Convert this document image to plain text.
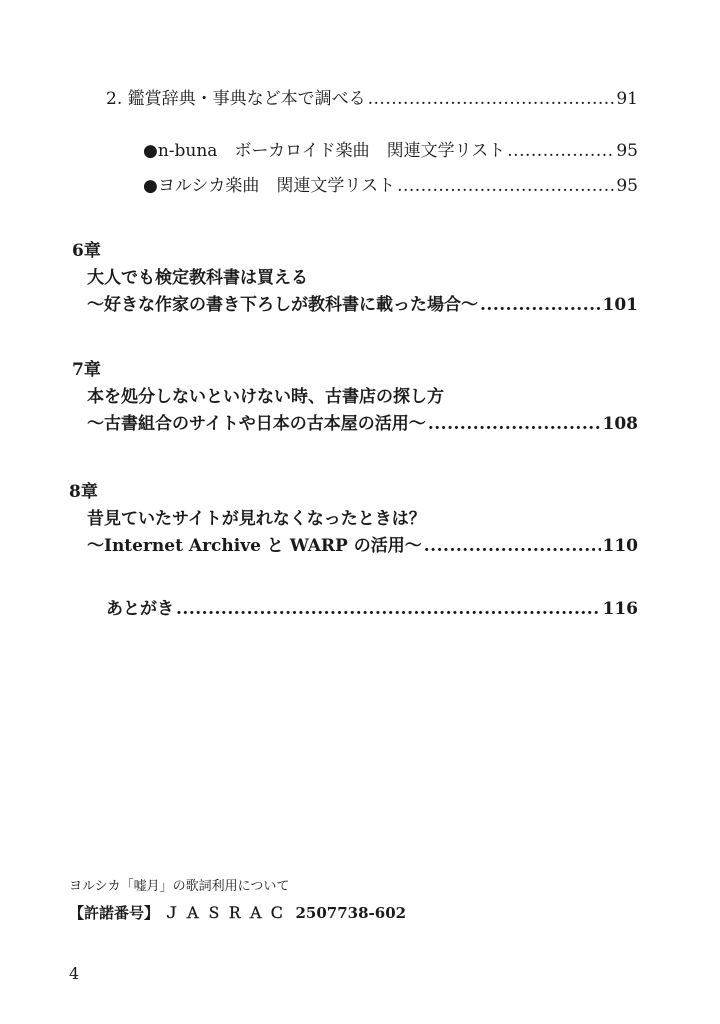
2. 鑑賞辞典・事典など本で調べる .....	91
●n-buna　ボーカロイド楽曲　関連文学リスト .....	95
●ヨルシカ楽曲　関連文学リスト .....	95
6章
大人でも検定教科書は買える
〜好きな作家の書き下ろしが教科書に載った場合〜 .....	101
7章
本を処分しないといけない時、古書店の探し方
〜古書組合のサイトや日本の古本屋の活用〜 .....	108
8章
昔見ていたサイトが見れなくなったときは？
〜Internet Archive と WARP の活用〜 .....	110
あとがき .....	116
ヨルシカ「嘘月」の歌詞利用について
【許諾番号】 ＪＡＳＲＡＣ 2507738-602
4
